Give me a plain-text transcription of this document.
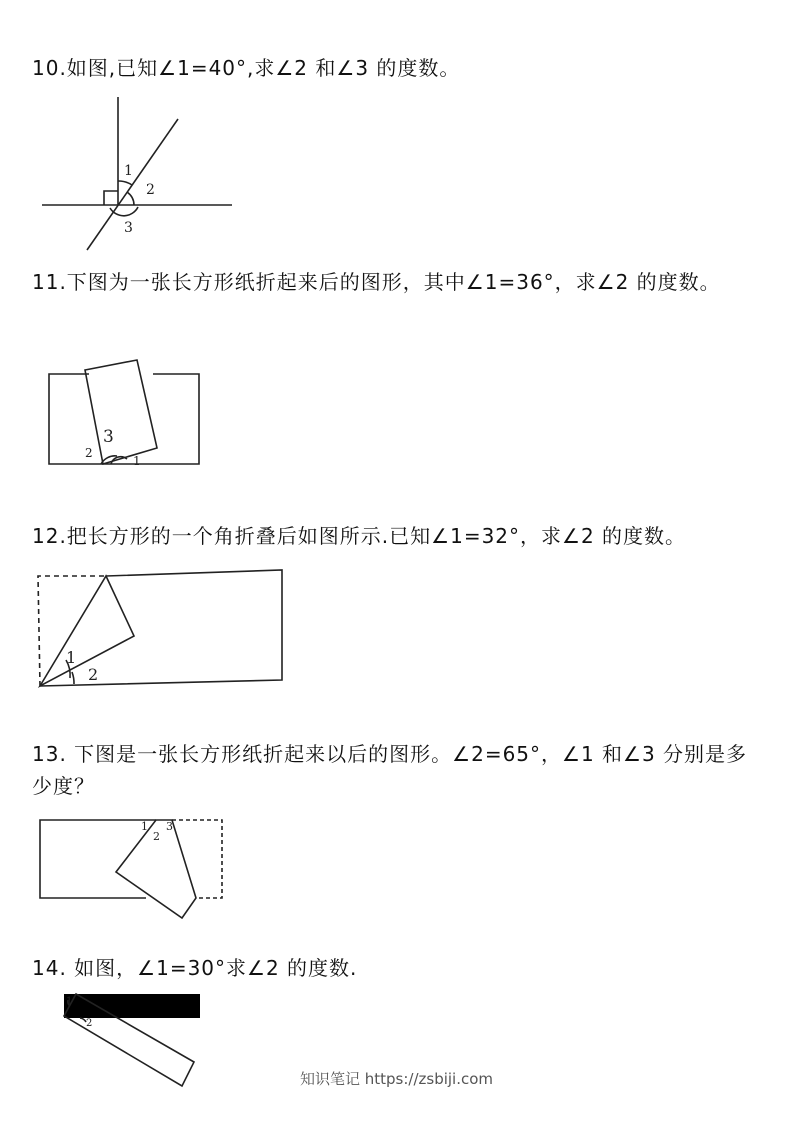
10.如图,已知∠1=40°,求∠2 和∠3 的度数。
1
2
3
11.下图为一张长方形纸折起来后的图形，其中∠1=36°，求∠2 的度数。
3
2
1
12.把长方形的一个角折叠后如图所示.已知∠1=32°，求∠2 的度数。
1
2
13. 下图是一张长方形纸折起来以后的图形。∠2=65°，∠1 和∠3 分别是多少度？
1
2
3
14. 如图，∠1=30°求∠2 的度数.
1
2
知识笔记 https://zsbiji.com
